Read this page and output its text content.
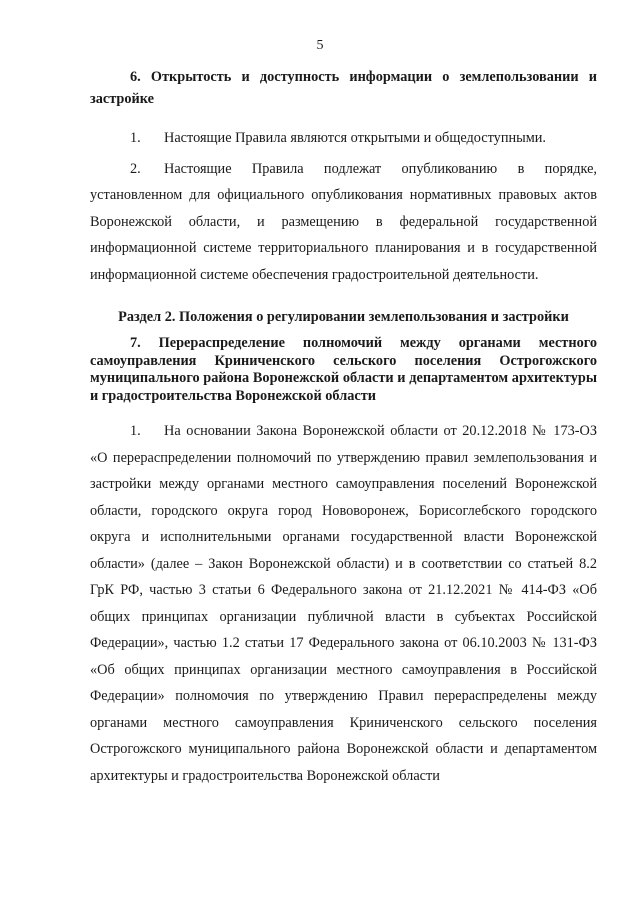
5

6. Открытость и доступность информации о землепользовании и застройке

1. Настоящие Правила являются открытыми и общедоступными.

2. Настоящие Правила подлежат опубликованию в порядке, установленном для официального опубликования нормативных правовых актов Воронежской области, и размещению в федеральной государственной информационной системе территориального планирования и в государственной информационной системе обеспечения градостроительной деятельности.

Раздел 2. Положения о регулировании землепользования и застройки

7. Перераспределение полномочий между органами местного самоуправления Криниченского сельского поселения Острогожского муниципального района Воронежской области и департаментом архитектуры и градостроительства Воронежской области

1. На основании Закона Воронежской области от 20.12.2018 № 173-ОЗ «О перераспределении полномочий по утверждению правил землепользования и застройки между органами местного самоуправления поселений Воронежской области, городского округа город Нововоронеж, Борисоглебского городского округа и исполнительными органами государственной власти Воронежской области» (далее – Закон Воронежской области) и в соответствии со статьей 8.2 ГрК РФ, частью 3 статьи 6 Федерального закона от 21.12.2021 № 414-ФЗ «Об общих принципах организации публичной власти в субъектах Российской Федерации», частью 1.2 статьи 17 Федерального закона от 06.10.2003 № 131-ФЗ «Об общих принципах организации местного самоуправления в Российской Федерации» полномочия по утверждению Правил перераспределены между органами местного самоуправления Криниченского сельского поселения Острогожского муниципального района Воронежской области и департаментом архитектуры и градостроительства Воронежской области
